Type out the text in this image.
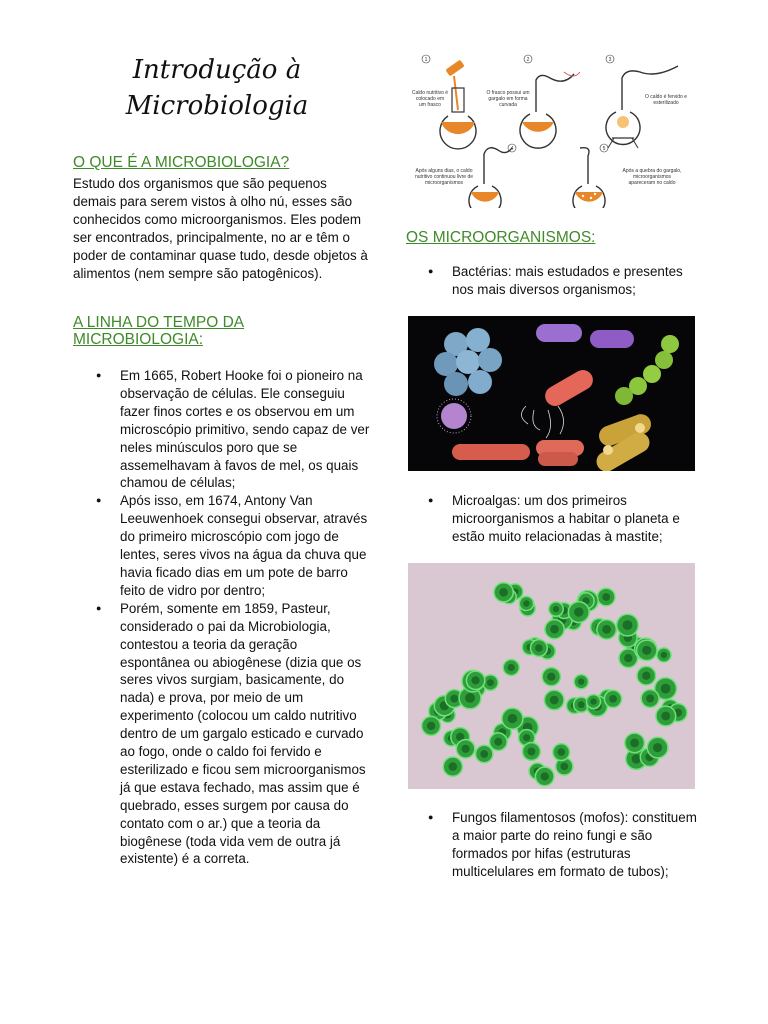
Introdução à
Microbiologia
O QUE É A MICROBIOLOGIA?
Estudo dos organismos que são pequenos demais para serem vistos à olho nú, esses são conhecidos como microorganismos. Eles podem ser encontrados, principalmente, no ar e têm o poder de contaminar quase tudo, desde objetos à alimentos (nem sempre são patogênicos).
A LINHA DO TEMPO DA MICROBIOLOGIA:
● Em 1665, Robert Hooke foi o pioneiro na observação de células. Ele conseguiu fazer finos cortes e os observou em um microscópio primitivo, sendo capaz de ver neles minúsculos poro que se assemelhavam à favos de mel, os quais chamou de células;
● Após isso, em 1674, Antony Van Leeuwenhoek consegui observar, através do primeiro microscópio com jogo de lentes, seres vivos na água da chuva que havia ficado dias em um pote de barro feito de vidro por dentro;
● Porém, somente em 1859, Pasteur, considerado o pai da Microbiologia, contestou a teoria da geração espontânea ou abiogênese (dizia que os seres vivos surgiam, basicamente, do nada) e prova, por meio de um experimento (colocou um caldo nutritivo dentro de um gargalo esticado e curvado ao fogo, onde o caldo foi fervido e esterilizado e ficou sem microorganismos já que estava fechado, mas assim que é quebrado, esses surgem por causa do contato com o ar.) que a teoria da biogênese (toda vida vem de outra já existente) é a correta.
1
Caldo nutritivo é
colocado em
um frasco
2
O frasco possui um
gargalo em forma
curvada
3
O caldo é fervido e
esterilizado
4
Após alguns dias, o caldo
nutritivo continuou livre de
microorganismos
5
Após a quebra do gargalo,
microorganismos
apareceram no caldo
OS MICROORGANISMOS:
● Bactérias: mais estudados e presentes nos mais diversos organismos;
● Microalgas: um dos primeiros microorganismos a habitar o planeta e estão muito relacionadas à mastite;
● Fungos filamentosos (mofos): constituem a maior parte do reino fungi e são formados por hifas (estruturas multicelulares em formato de tubos);
